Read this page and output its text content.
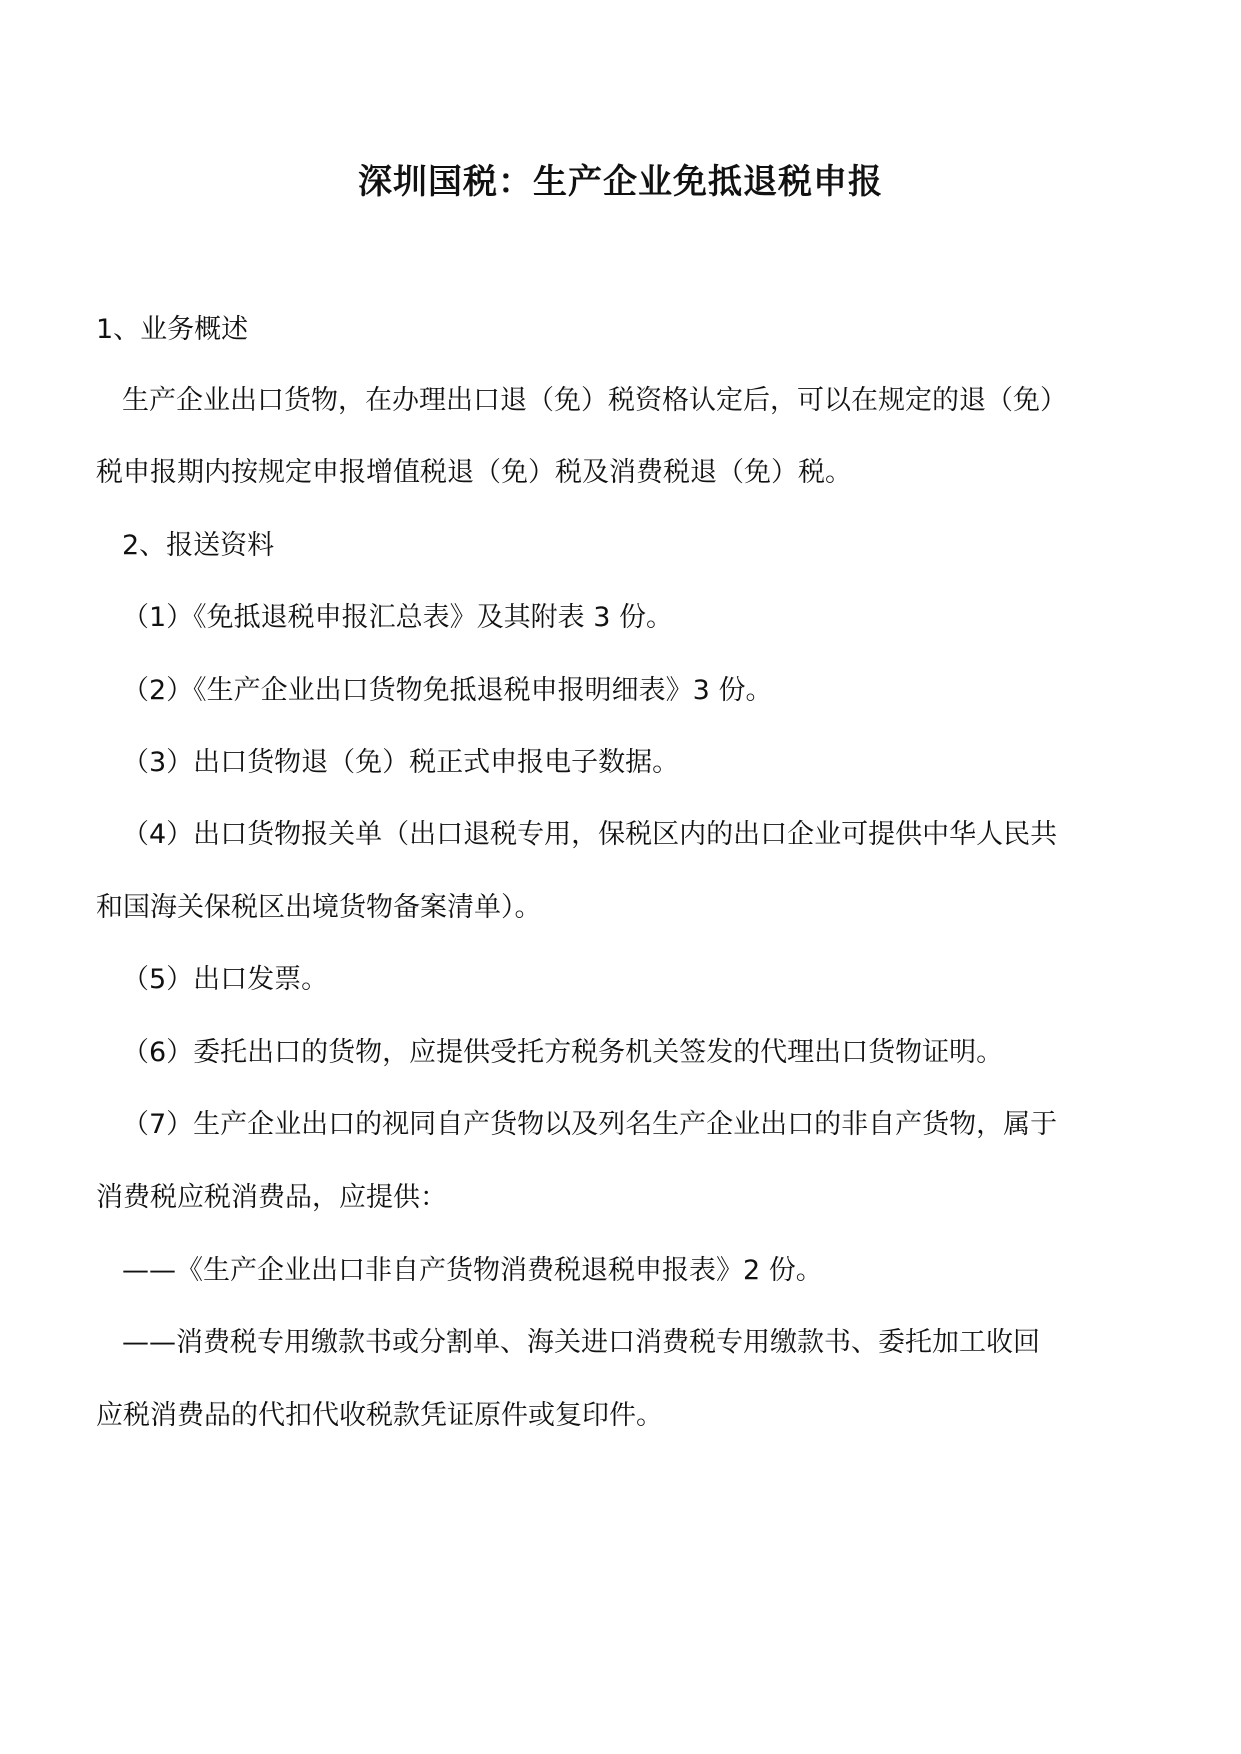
深圳国税：生产企业免抵退税申报
1、业务概述
生产企业出口货物，在办理出口退（免）税资格认定后，可以在规定的退（免）
税申报期内按规定申报增值税退（免）税及消费税退（免）税。
2、报送资料
（1）《免抵退税申报汇总表》及其附表 3 份。
（2）《生产企业出口货物免抵退税申报明细表》3 份。
（3）出口货物退（免）税正式申报电子数据。
（4）出口货物报关单（出口退税专用，保税区内的出口企业可提供中华人民共
和国海关保税区出境货物备案清单）。
（5）出口发票。
（6）委托出口的货物，应提供受托方税务机关签发的代理出口货物证明。
（7）生产企业出口的视同自产货物以及列名生产企业出口的非自产货物，属于
消费税应税消费品，应提供：
——《生产企业出口非自产货物消费税退税申报表》2 份。
——消费税专用缴款书或分割单、海关进口消费税专用缴款书、委托加工收回
应税消费品的代扣代收税款凭证原件或复印件。
